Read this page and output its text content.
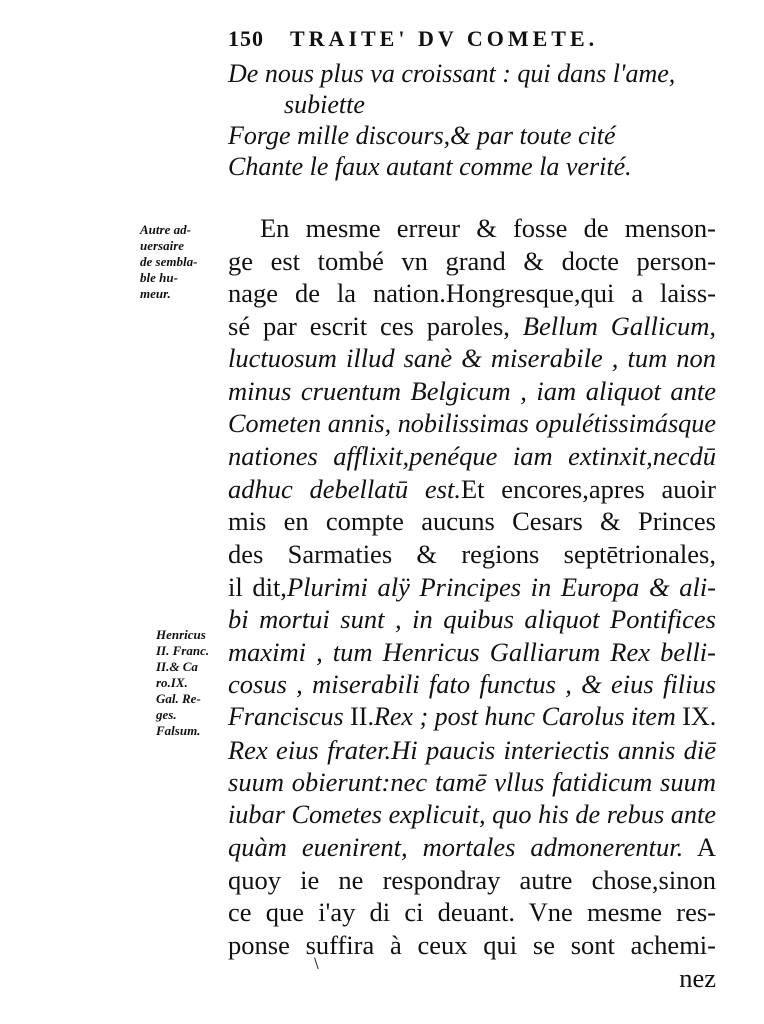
150 TRAITE' DV COMETE.
De nous plus va croissant : qui dans l'ame,
subiette
Forge mille discours,& par toute cité
Chante le faux autant comme la verité.
Autre ad-
uersaire
de sembla-
ble hu-
meur.
Henricus
II. Franc.
II.& Ca
ro.IX.
Gal. Re-
ges.
Falsum.
En mesme erreur & fosse de menson-
ge est tombé vn grand & docte person-
nage de la nation.Hongresque,qui a laiss-
sé par escrit ces paroles, Bellum Gallicum,
luctuosum illud sanè & miserabile , tum non
minus cruentum Belgicum , iam aliquot ante
Cometen annis, nobilissimas opulétissimásque
nationes afflixit,penéque iam extinxit,necdū
adhuc debellatū est.Et encores,apres auoir
mis en compte aucuns Cesars & Princes
des Sarmaties & regions septētrionales,
il dit,Plurimi alÿ Principes in Europa & ali-
bi mortui sunt , in quibus aliquot Pontifices
maximi , tum Henricus Galliarum Rex belli-
cosus , miserabili fato functus , & eius filius
Franciscus II.Rex ; post hunc Carolus item IX.
Rex eius frater.Hi paucis interiectis annis diē
suum obierunt:nec tamē vllus fatidicum suum
iubar Cometes explicuit, quo his de rebus ante
quàm euenirent, mortales admonerentur. A
quoy ie ne respondray autre chose,sinon
ce que i'ay di ci deuant. Vne mesme res-
ponse suffira à ceux qui se sont achemi-
nez
\
